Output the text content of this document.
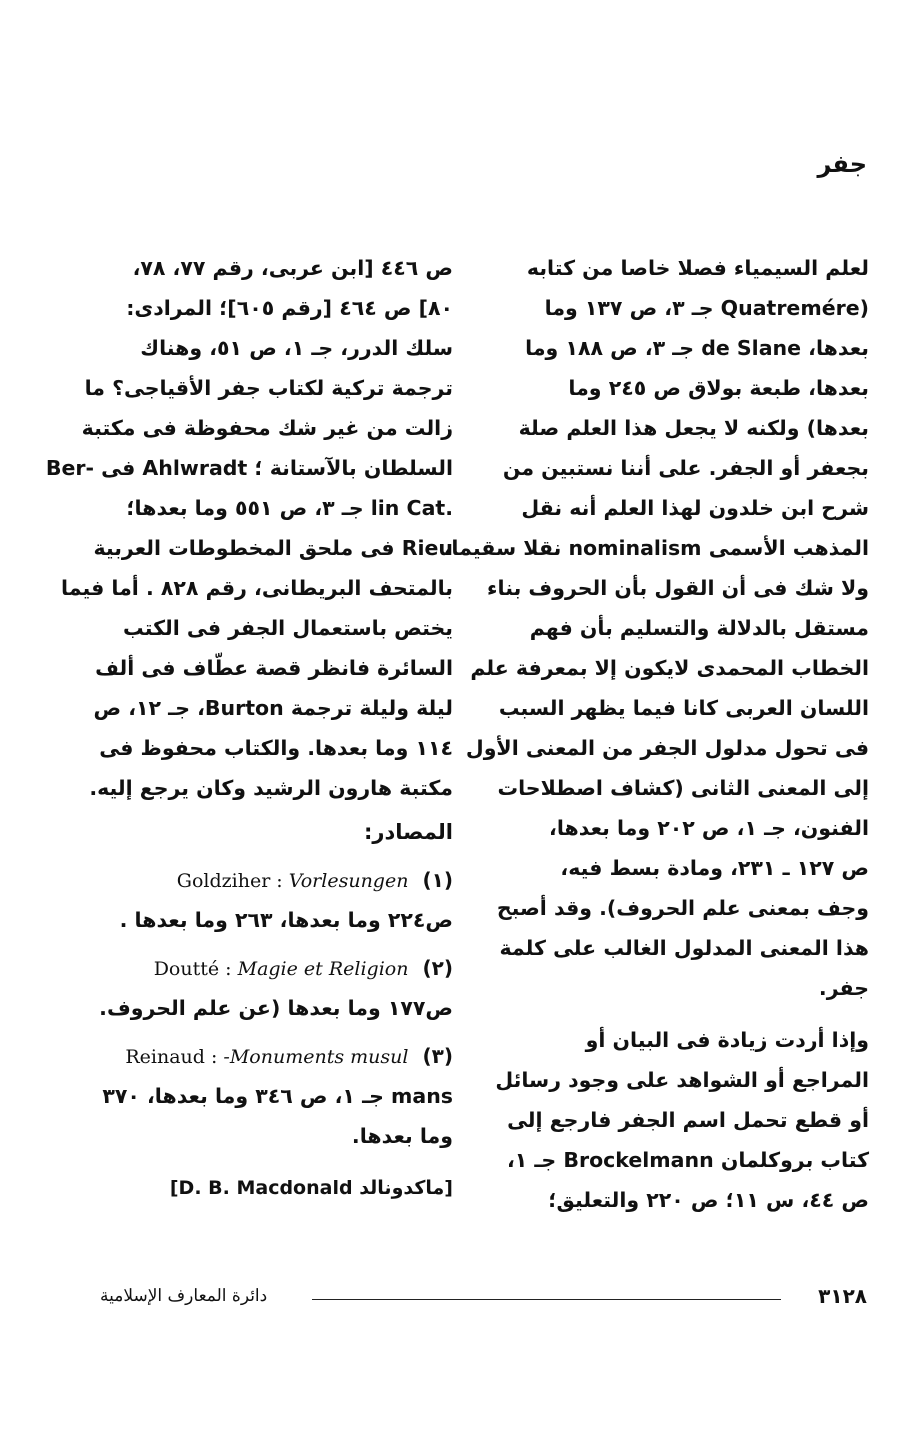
جفر
لعلم السيمياء فصلا خاصا من كتابه
(Quatremére جـ ٣، ص ١٣٧ وما
بعدها، de Slane جـ ٣، ص ١٨٨ وما
بعدها، طبعة بولاق ص ٢٤٥ وما
بعدها) ولكنه لا يجعل هذا العلم صلة
بجعفر أو الجفر. على أننا نستبين من
شرح ابن خلدون لهذا العلم أنه نقل
المذهب الأسمى nominalism نقلا سقيما،
ولا شك فى أن القول بأن الحروف بناء
مستقل بالدلالة والتسليم بأن فهم
الخطاب المحمدى لايكون إلا بمعرفة علم
اللسان العربى كانا فيما يظهر السبب
فى تحول مدلول الجفر من المعنى الأول
إلى المعنى الثانى (كشاف اصطلاحات
الفنون، جـ ١، ص ٢٠٢ وما بعدها،
ص ١٢٧ ـ ٢٣١، ومادة بسط فيه،
وجف بمعنى علم الحروف). وقد أصبح
هذا المعنى المدلول الغالب على كلمة
جفر.
وإذا أردت زيادة فى البيان أو
المراجع أو الشواهد على وجود رسائل
أو قطع تحمل اسم الجفر فارجع إلى
كتاب بروكلمان Brockelmann جـ ١،
ص ٤٤، س ١١؛ ص ٢٢٠ والتعليق؛
ص ٤٤٦ [ابن عربى، رقم ٧٧، ٧٨،
٨٠] ص ٤٦٤ [رقم ٦٠٥]؛ المرادى:
سلك الدرر، جـ ١، ص ٥١، وهناك
ترجمة تركية لكتاب جفر الأقياجى؟ ما
زالت من غير شك محفوظة فى مكتبة
السلطان بالآستانة ؛ Ahlwradt فى -Ber
.lin Cat جـ ٣، ص ٥٥١ وما بعدها؛
Rieu فى ملحق المخطوطات العربية
بالمتحف البريطانى، رقم ٨٢٨ . أما فيما
يختص باستعمال الجفر فى الكتب
السائرة فانظر قصة عطّاف فى ألف
ليلة وليلة ترجمة Burton، جـ ١٢، ص
١١٤ وما بعدها. والكتاب محفوظ فى
مكتبة هارون الرشيد وكان يرجع إليه.
المصادر:
(١) Goldziher : Vorlesungen
ص٢٢٤ وما بعدها، ٢٦٣ وما بعدها .
(٢) Doutté : Magie et Religion
ص١٧٧ وما بعدها (عن علم الحروف.
(٣) Reinaud : -Monuments musul
mans جـ ١، ص ٣٤٦ وما بعدها، ٣٧٠
وما بعدها.
[ماكدونالد D. B. Macdonald]
٣١٢٨
دائرة المعارف الإسلامية
